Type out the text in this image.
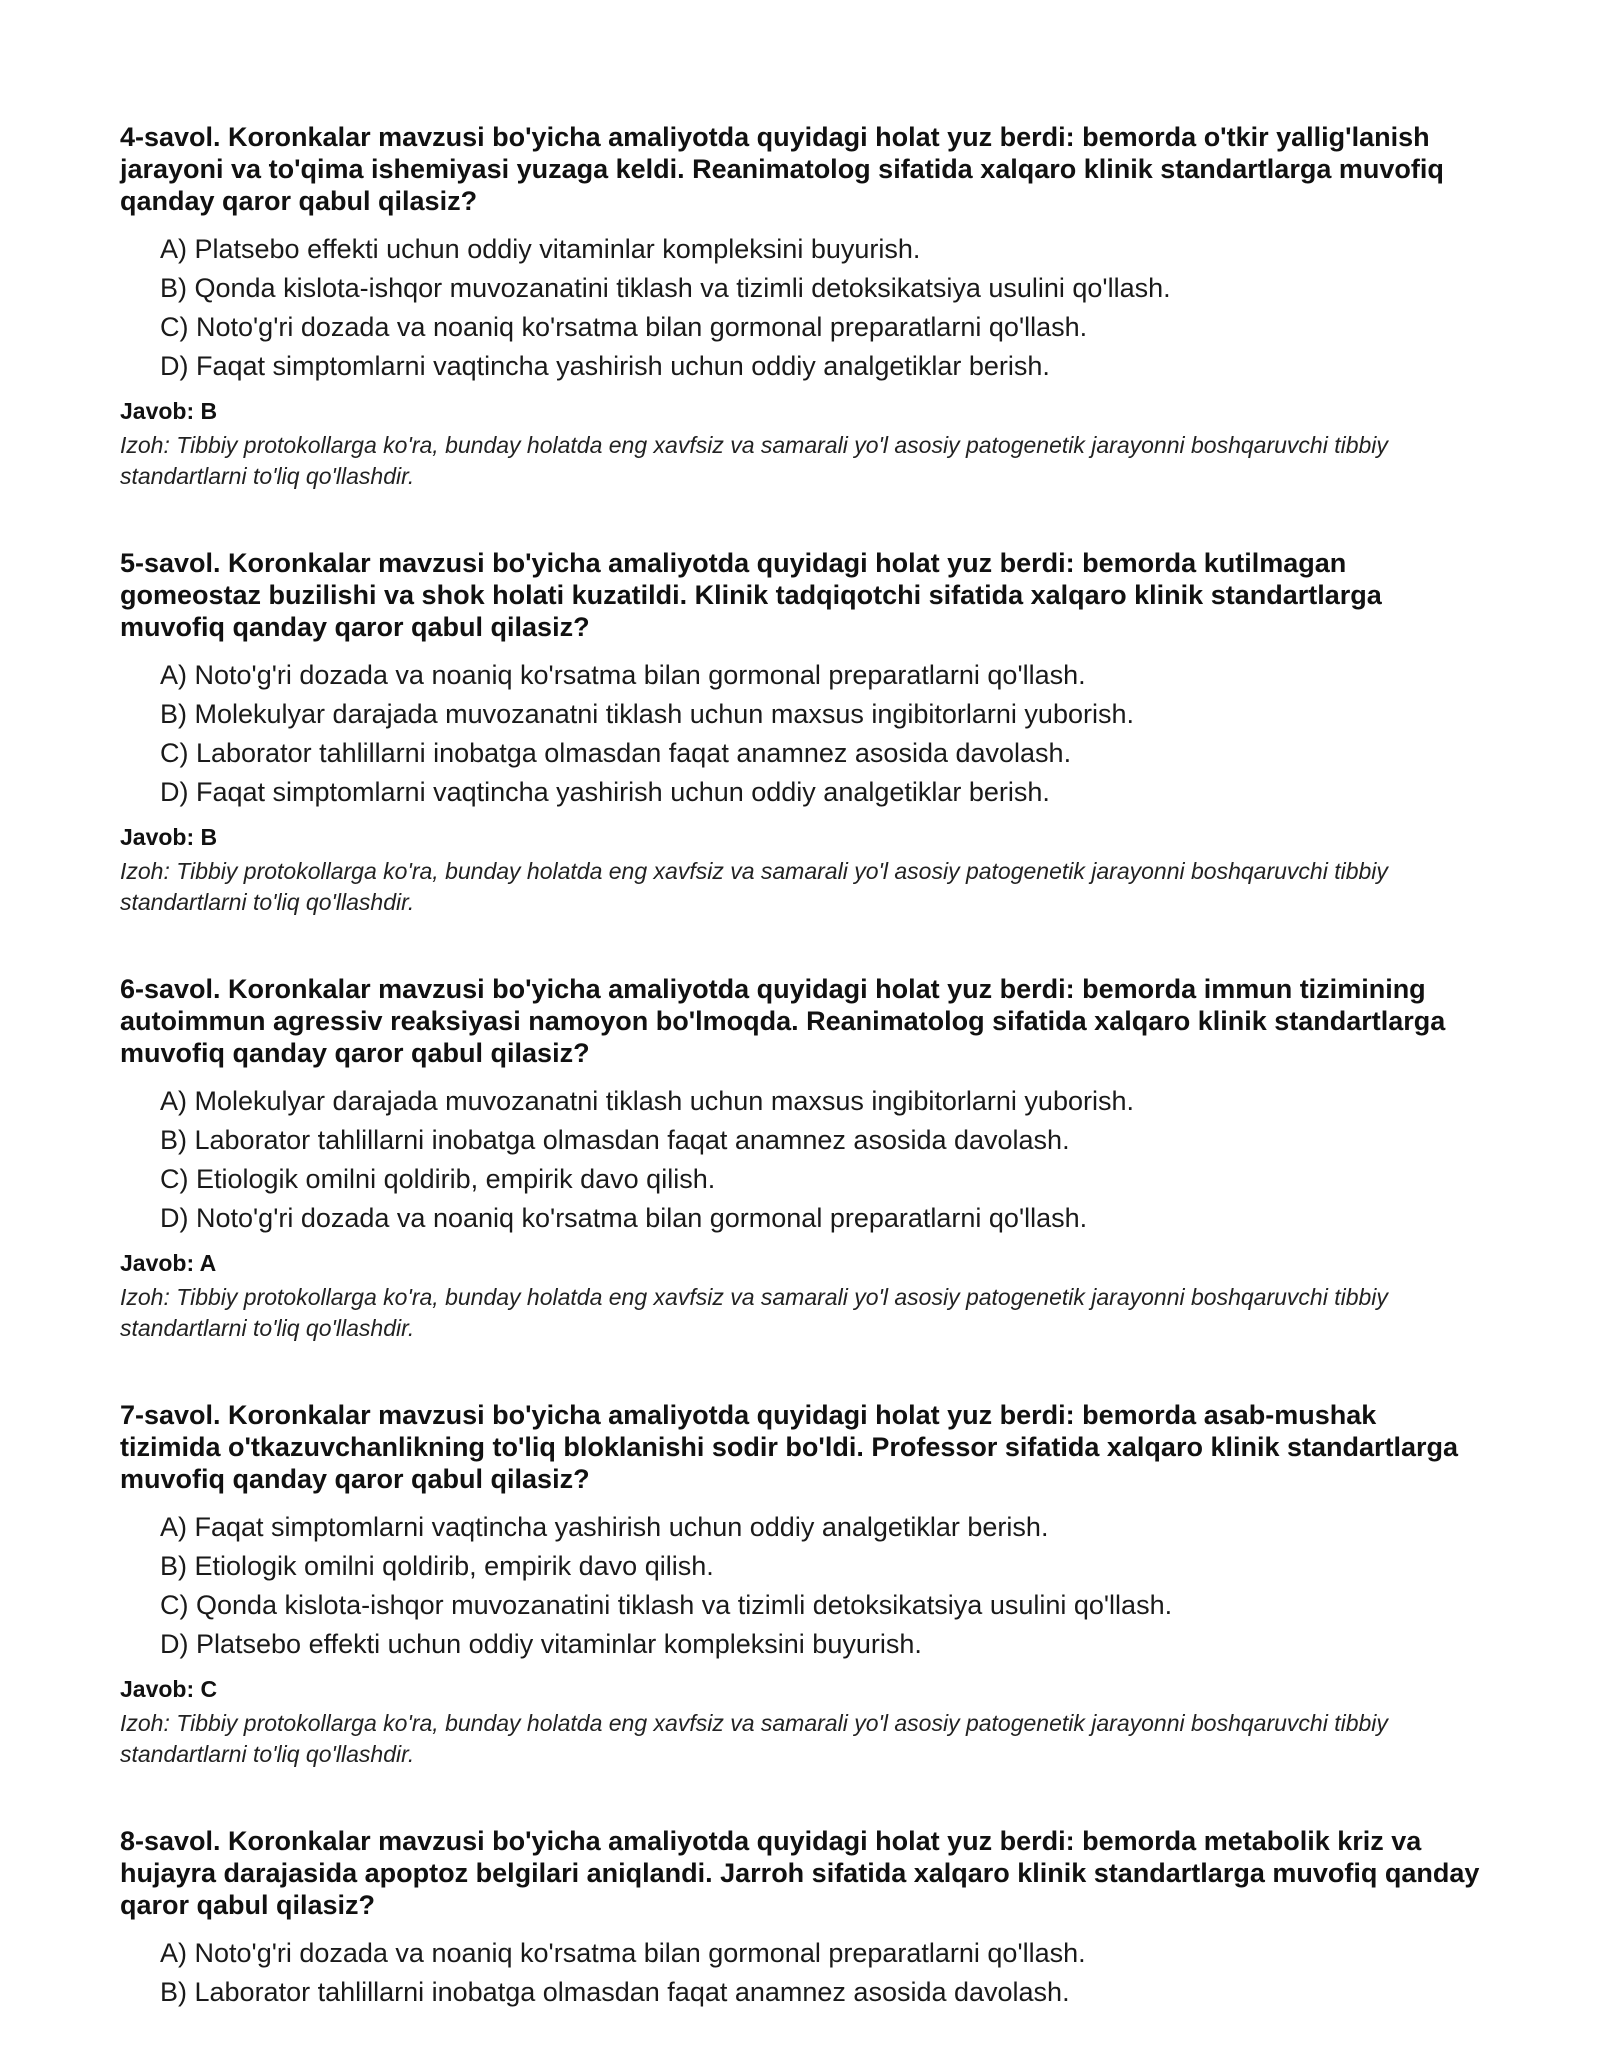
4-savol. Koronkalar mavzusi bo'yicha amaliyotda quyidagi holat yuz berdi: bemorda o'tkir yallig'lanish jarayoni va to'qima ishemiyasi yuzaga keldi. Reanimatolog sifatida xalqaro klinik standartlarga muvofiq qanday qaror qabul qilasiz?

A) Platsebo effekti uchun oddiy vitaminlar kompleksini buyurish.
B) Qonda kislota-ishqor muvozanatini tiklash va tizimli detoksikatsiya usulini qo'llash.
C) Noto'g'ri dozada va noaniq ko'rsatma bilan gormonal preparatlarni qo'llash.
D) Faqat simptomlarni vaqtincha yashirish uchun oddiy analgetiklar berish.

Javob: B

Izoh: Tibbiy protokollarga ko'ra, bunday holatda eng xavfsiz va samarali yo'l asosiy patogenetik jarayonni boshqaruvchi tibbiy standartlarni to'liq qo'llashdir.

5-savol. Koronkalar mavzusi bo'yicha amaliyotda quyidagi holat yuz berdi: bemorda kutilmagan gomeostaz buzilishi va shok holati kuzatildi. Klinik tadqiqotchi sifatida xalqaro klinik standartlarga muvofiq qanday qaror qabul qilasiz?

A) Noto'g'ri dozada va noaniq ko'rsatma bilan gormonal preparatlarni qo'llash.
B) Molekulyar darajada muvozanatni tiklash uchun maxsus ingibitorlarni yuborish.
C) Laborator tahlillarni inobatga olmasdan faqat anamnez asosida davolash.
D) Faqat simptomlarni vaqtincha yashirish uchun oddiy analgetiklar berish.

Javob: B

Izoh: Tibbiy protokollarga ko'ra, bunday holatda eng xavfsiz va samarali yo'l asosiy patogenetik jarayonni boshqaruvchi tibbiy standartlarni to'liq qo'llashdir.

6-savol. Koronkalar mavzusi bo'yicha amaliyotda quyidagi holat yuz berdi: bemorda immun tizimining autoimmun agressiv reaksiyasi namoyon bo'lmoqda. Reanimatolog sifatida xalqaro klinik standartlarga muvofiq qanday qaror qabul qilasiz?

A) Molekulyar darajada muvozanatni tiklash uchun maxsus ingibitorlarni yuborish.
B) Laborator tahlillarni inobatga olmasdan faqat anamnez asosida davolash.
C) Etiologik omilni qoldirib, empirik davo qilish.
D) Noto'g'ri dozada va noaniq ko'rsatma bilan gormonal preparatlarni qo'llash.

Javob: A

Izoh: Tibbiy protokollarga ko'ra, bunday holatda eng xavfsiz va samarali yo'l asosiy patogenetik jarayonni boshqaruvchi tibbiy standartlarni to'liq qo'llashdir.

7-savol. Koronkalar mavzusi bo'yicha amaliyotda quyidagi holat yuz berdi: bemorda asab-mushak tizimida o'tkazuvchanlikning to'liq bloklanishi sodir bo'ldi. Professor sifatida xalqaro klinik standartlarga muvofiq qanday qaror qabul qilasiz?

A) Faqat simptomlarni vaqtincha yashirish uchun oddiy analgetiklar berish.
B) Etiologik omilni qoldirib, empirik davo qilish.
C) Qonda kislota-ishqor muvozanatini tiklash va tizimli detoksikatsiya usulini qo'llash.
D) Platsebo effekti uchun oddiy vitaminlar kompleksini buyurish.

Javob: C

Izoh: Tibbiy protokollarga ko'ra, bunday holatda eng xavfsiz va samarali yo'l asosiy patogenetik jarayonni boshqaruvchi tibbiy standartlarni to'liq qo'llashdir.

8-savol. Koronkalar mavzusi bo'yicha amaliyotda quyidagi holat yuz berdi: bemorda metabolik kriz va hujayra darajasida apoptoz belgilari aniqlandi. Jarroh sifatida xalqaro klinik standartlarga muvofiq qanday qaror qabul qilasiz?

A) Noto'g'ri dozada va noaniq ko'rsatma bilan gormonal preparatlarni qo'llash.
B) Laborator tahlillarni inobatga olmasdan faqat anamnez asosida davolash.
